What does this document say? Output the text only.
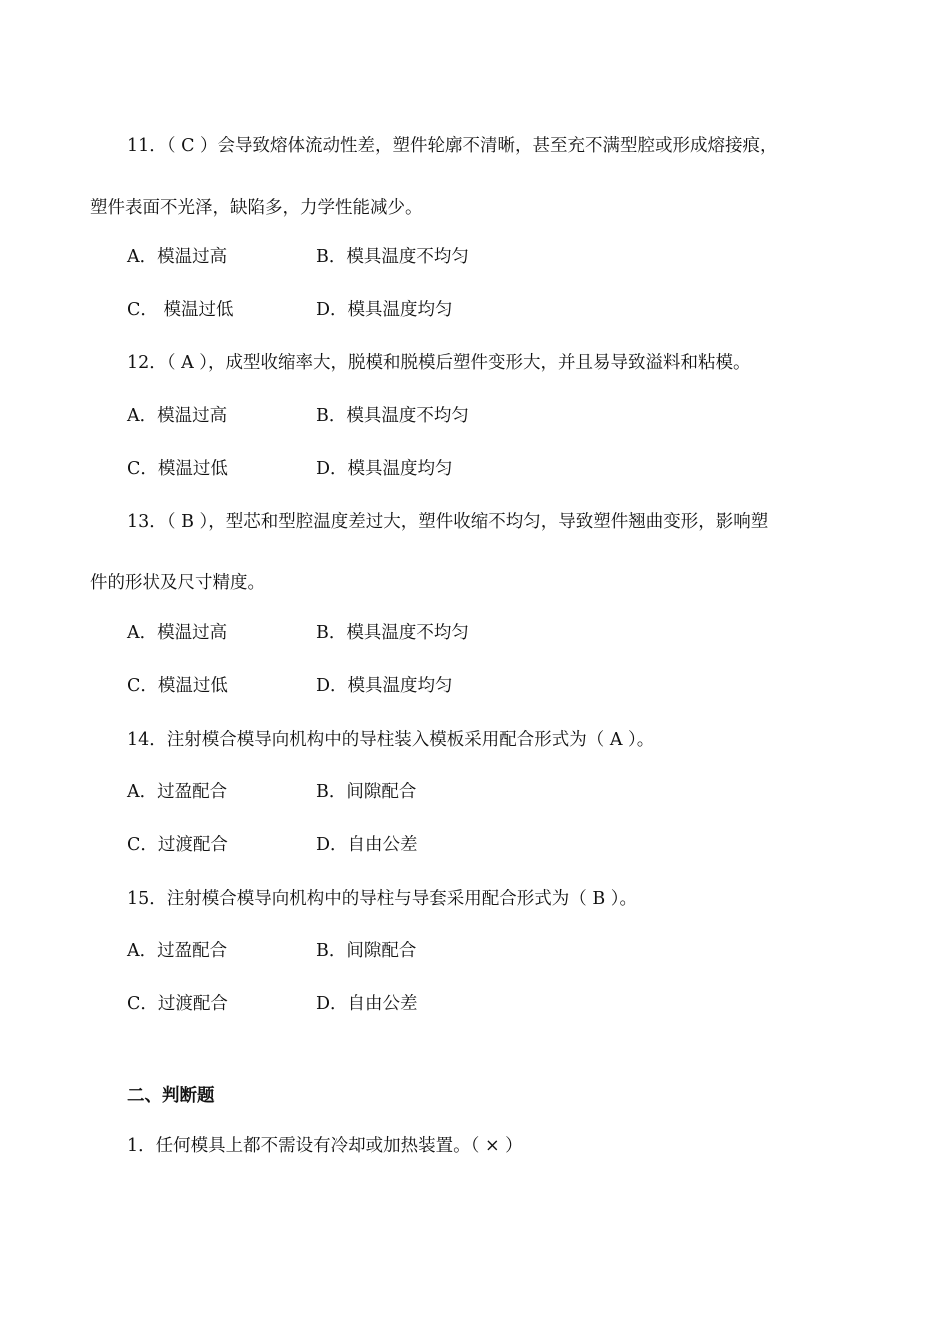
11．（ C ）会导致熔体流动性差，塑件轮廓不清晰，甚至充不满型腔或形成熔接痕，
塑件表面不光泽，缺陷多，力学性能减少。
A．模温过高	B．模具温度不均匀
C． 模温过低	D．模具温度均匀
12．（ A ），成型收缩率大，脱模和脱模后塑件变形大，并且易导致溢料和粘模。
A．模温过高	B．模具温度不均匀
C．模温过低	D．模具温度均匀
13．（ B ），型芯和型腔温度差过大，塑件收缩不均匀，导致塑件翘曲变形，影响塑
件的形状及尺寸精度。
A．模温过高	B．模具温度不均匀
C．模温过低	D．模具温度均匀
14．注射模合模导向机构中的导柱装入模板采用配合形式为（ A ）。
A．过盈配合	B．间隙配合
C．过渡配合	D．自由公差
15．注射模合模导向机构中的导柱与导套采用配合形式为（ B ）。
A．过盈配合	B．间隙配合
C．过渡配合	D．自由公差
二、判断题
1．任何模具上都不需设有冷却或加热装置。（ × ）
